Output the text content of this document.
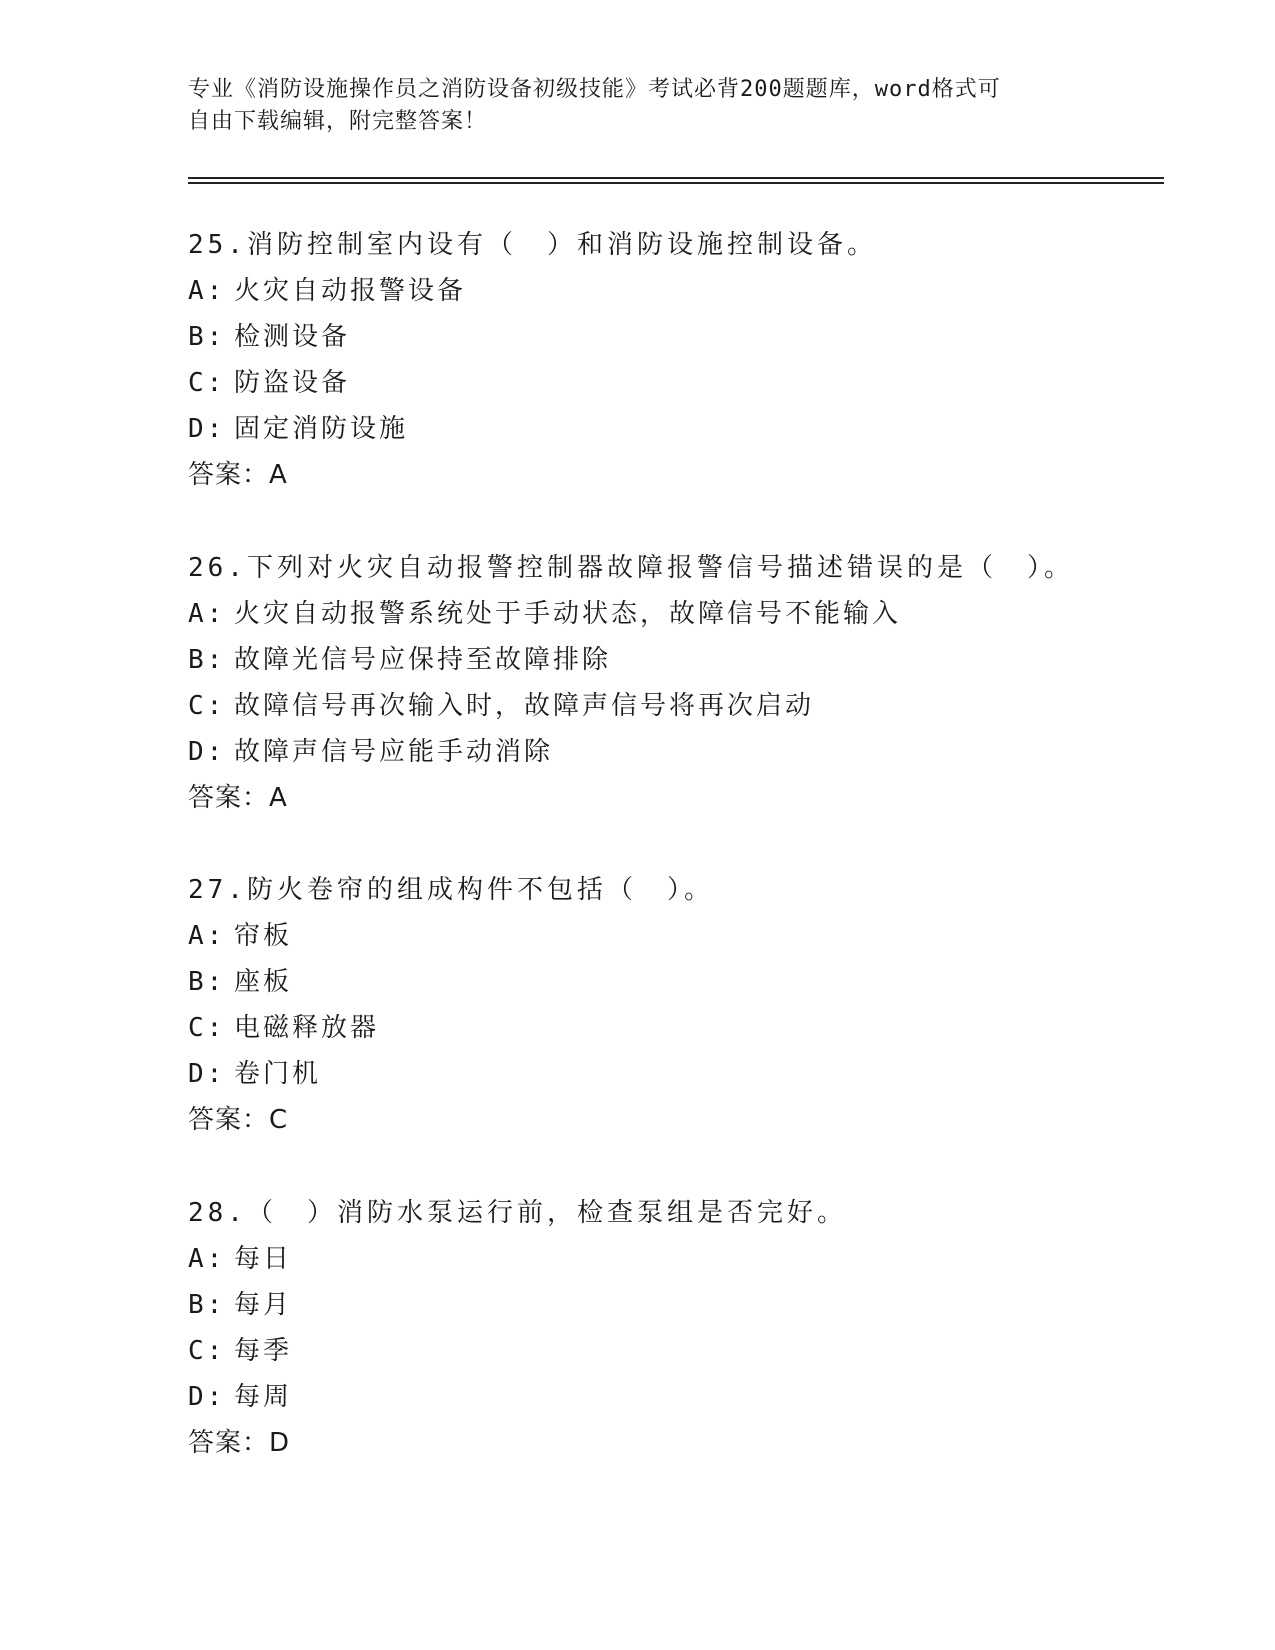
专业《消防设施操作员之消防设备初级技能》考试必背200题题库，word格式可
自由下载编辑，附完整答案！
25.消防控制室内设有（　）和消防设施控制设备。
A: 火灾自动报警设备
B: 检测设备
C: 防盗设备
D: 固定消防设施
答案：A
26.下列对火灾自动报警控制器故障报警信号描述错误的是（　）。
A: 火灾自动报警系统处于手动状态，故障信号不能输入
B: 故障光信号应保持至故障排除
C: 故障信号再次输入时，故障声信号将再次启动
D: 故障声信号应能手动消除
答案：A
27.防火卷帘的组成构件不包括（　）。
A: 帘板
B: 座板
C: 电磁释放器
D: 卷门机
答案：C
28.（　）消防水泵运行前，检查泵组是否完好。
A: 每日
B: 每月
C: 每季
D: 每周
答案：D
